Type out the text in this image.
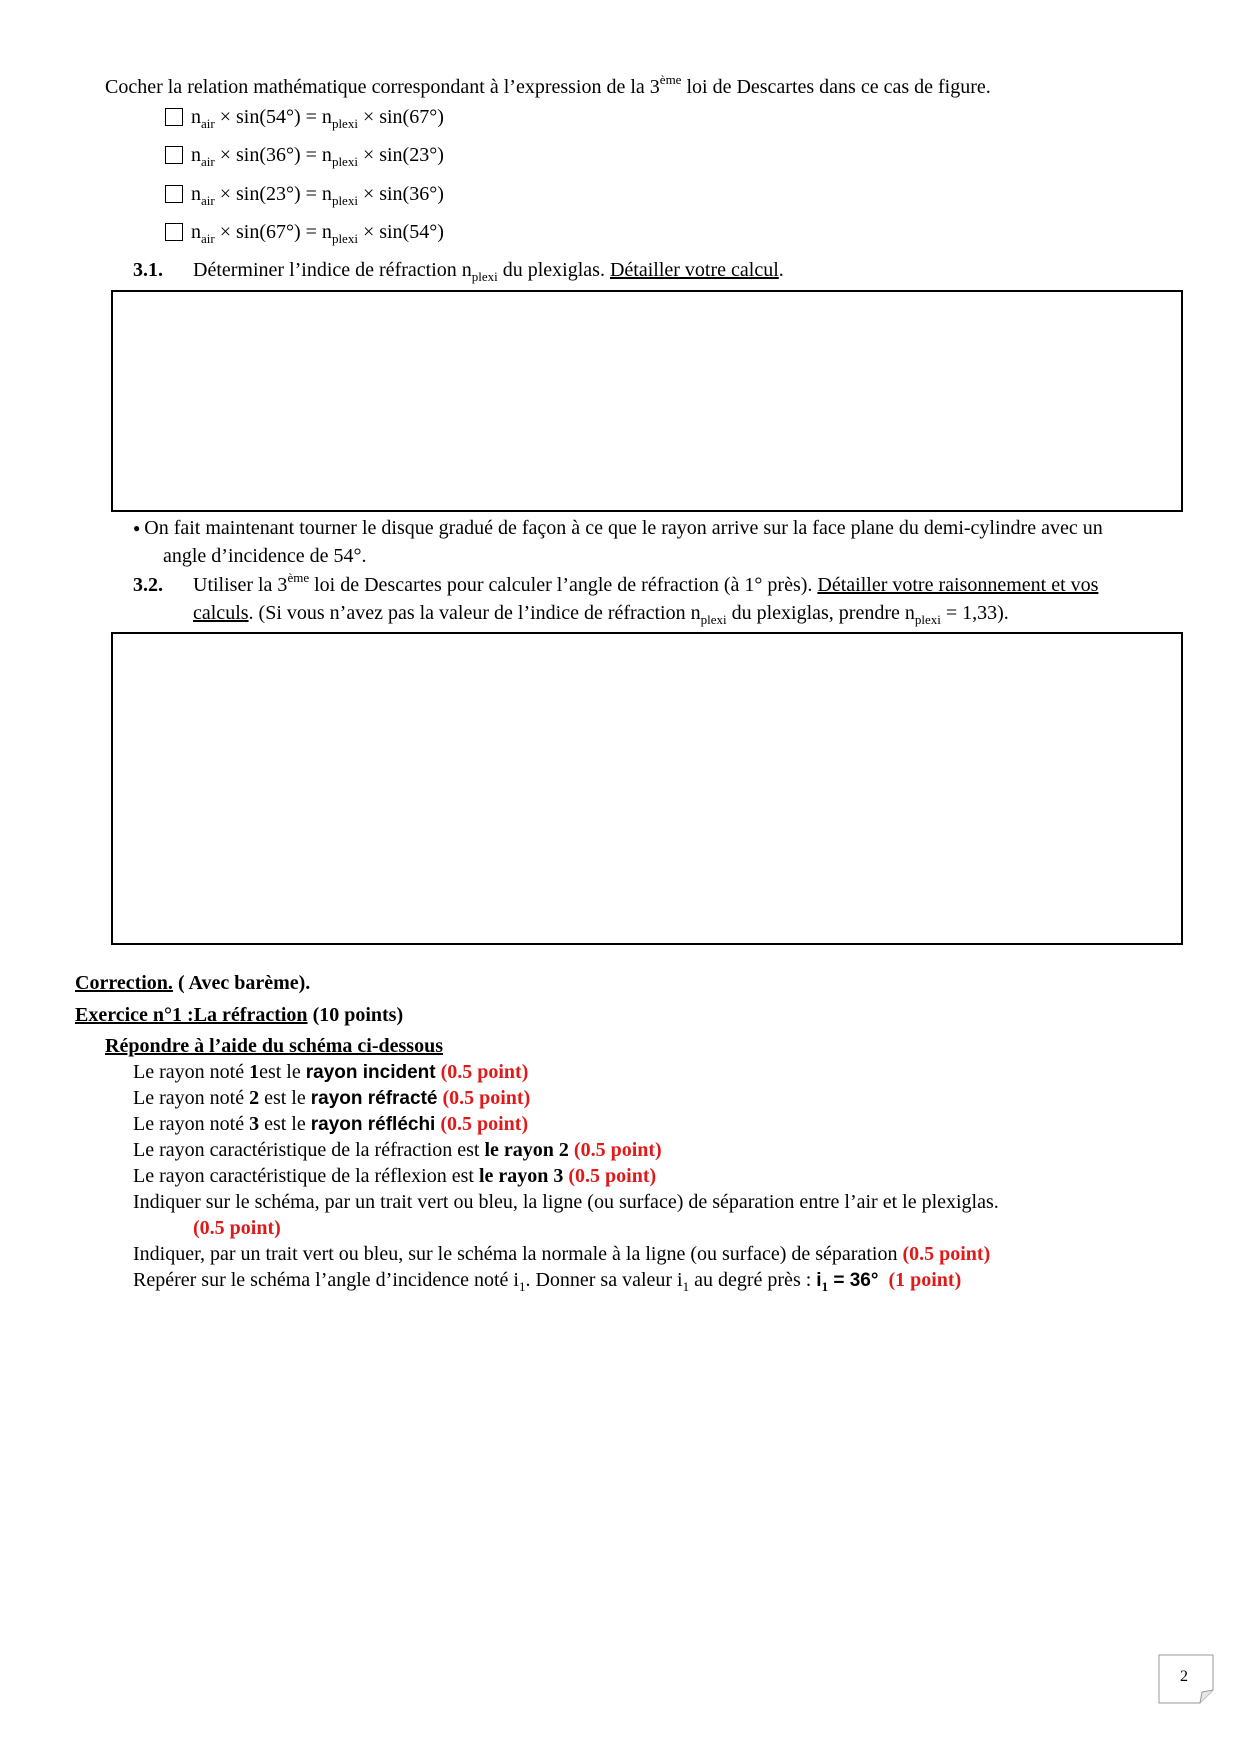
Cocher la relation mathématique correspondant à l’expression de la 3ème loi de Descartes dans ce cas de figure.
$n_{air} \times \sin(54^\circ) = n_{plexi} \times \sin(67^\circ)$
$n_{air} \times \sin(36^\circ) = n_{plexi} \times \sin(23^\circ)$
$n_{air} \times \sin(23^\circ) = n_{plexi} \times \sin(36^\circ)$
$n_{air} \times \sin(67^\circ) = n_{plexi} \times \sin(54^\circ)$
3.1. Déterminer l’indice de réfraction $n_{plexi}$ du plexiglas. Détailler votre calcul.
● On fait maintenant tourner le disque gradué de façon à ce que le rayon arrive sur la face plane du demi-cylindre avec un
angle d’incidence de 54°.
3.2. Utiliser la 3ème loi de Descartes pour calculer l’angle de réfraction (à 1° près). Détailler votre raisonnement et vos
calculs. (Si vous n’avez pas la valeur de l’indice de réfraction $n_{plexi}$ du plexiglas, prendre $n_{plexi} = 1,33$).
Correction. ( Avec barème).
Exercice n°1 :La réfraction (10 points)
Répondre à l’aide du schéma ci-dessous
Le rayon noté 1est le rayon incident (0.5 point)
Le rayon noté 2 est le rayon réfracté (0.5 point)
Le rayon noté 3 est le rayon réfléchi (0.5 point)
Le rayon caractéristique de la réfraction est le rayon 2 (0.5 point)
Le rayon caractéristique de la réflexion est le rayon 3 (0.5 point)
Indiquer sur le schéma, par un trait vert ou bleu, la ligne (ou surface) de séparation entre l’air et le plexiglas.
(0.5 point)
Indiquer, par un trait vert ou bleu, sur le schéma la normale à la ligne (ou surface) de séparation (0.5 point)
Repérer sur le schéma l’angle d’incidence noté $i_1$. Donner sa valeur $i_1$ au degré près : $i_1 = 36^\circ$  (1 point)
2
